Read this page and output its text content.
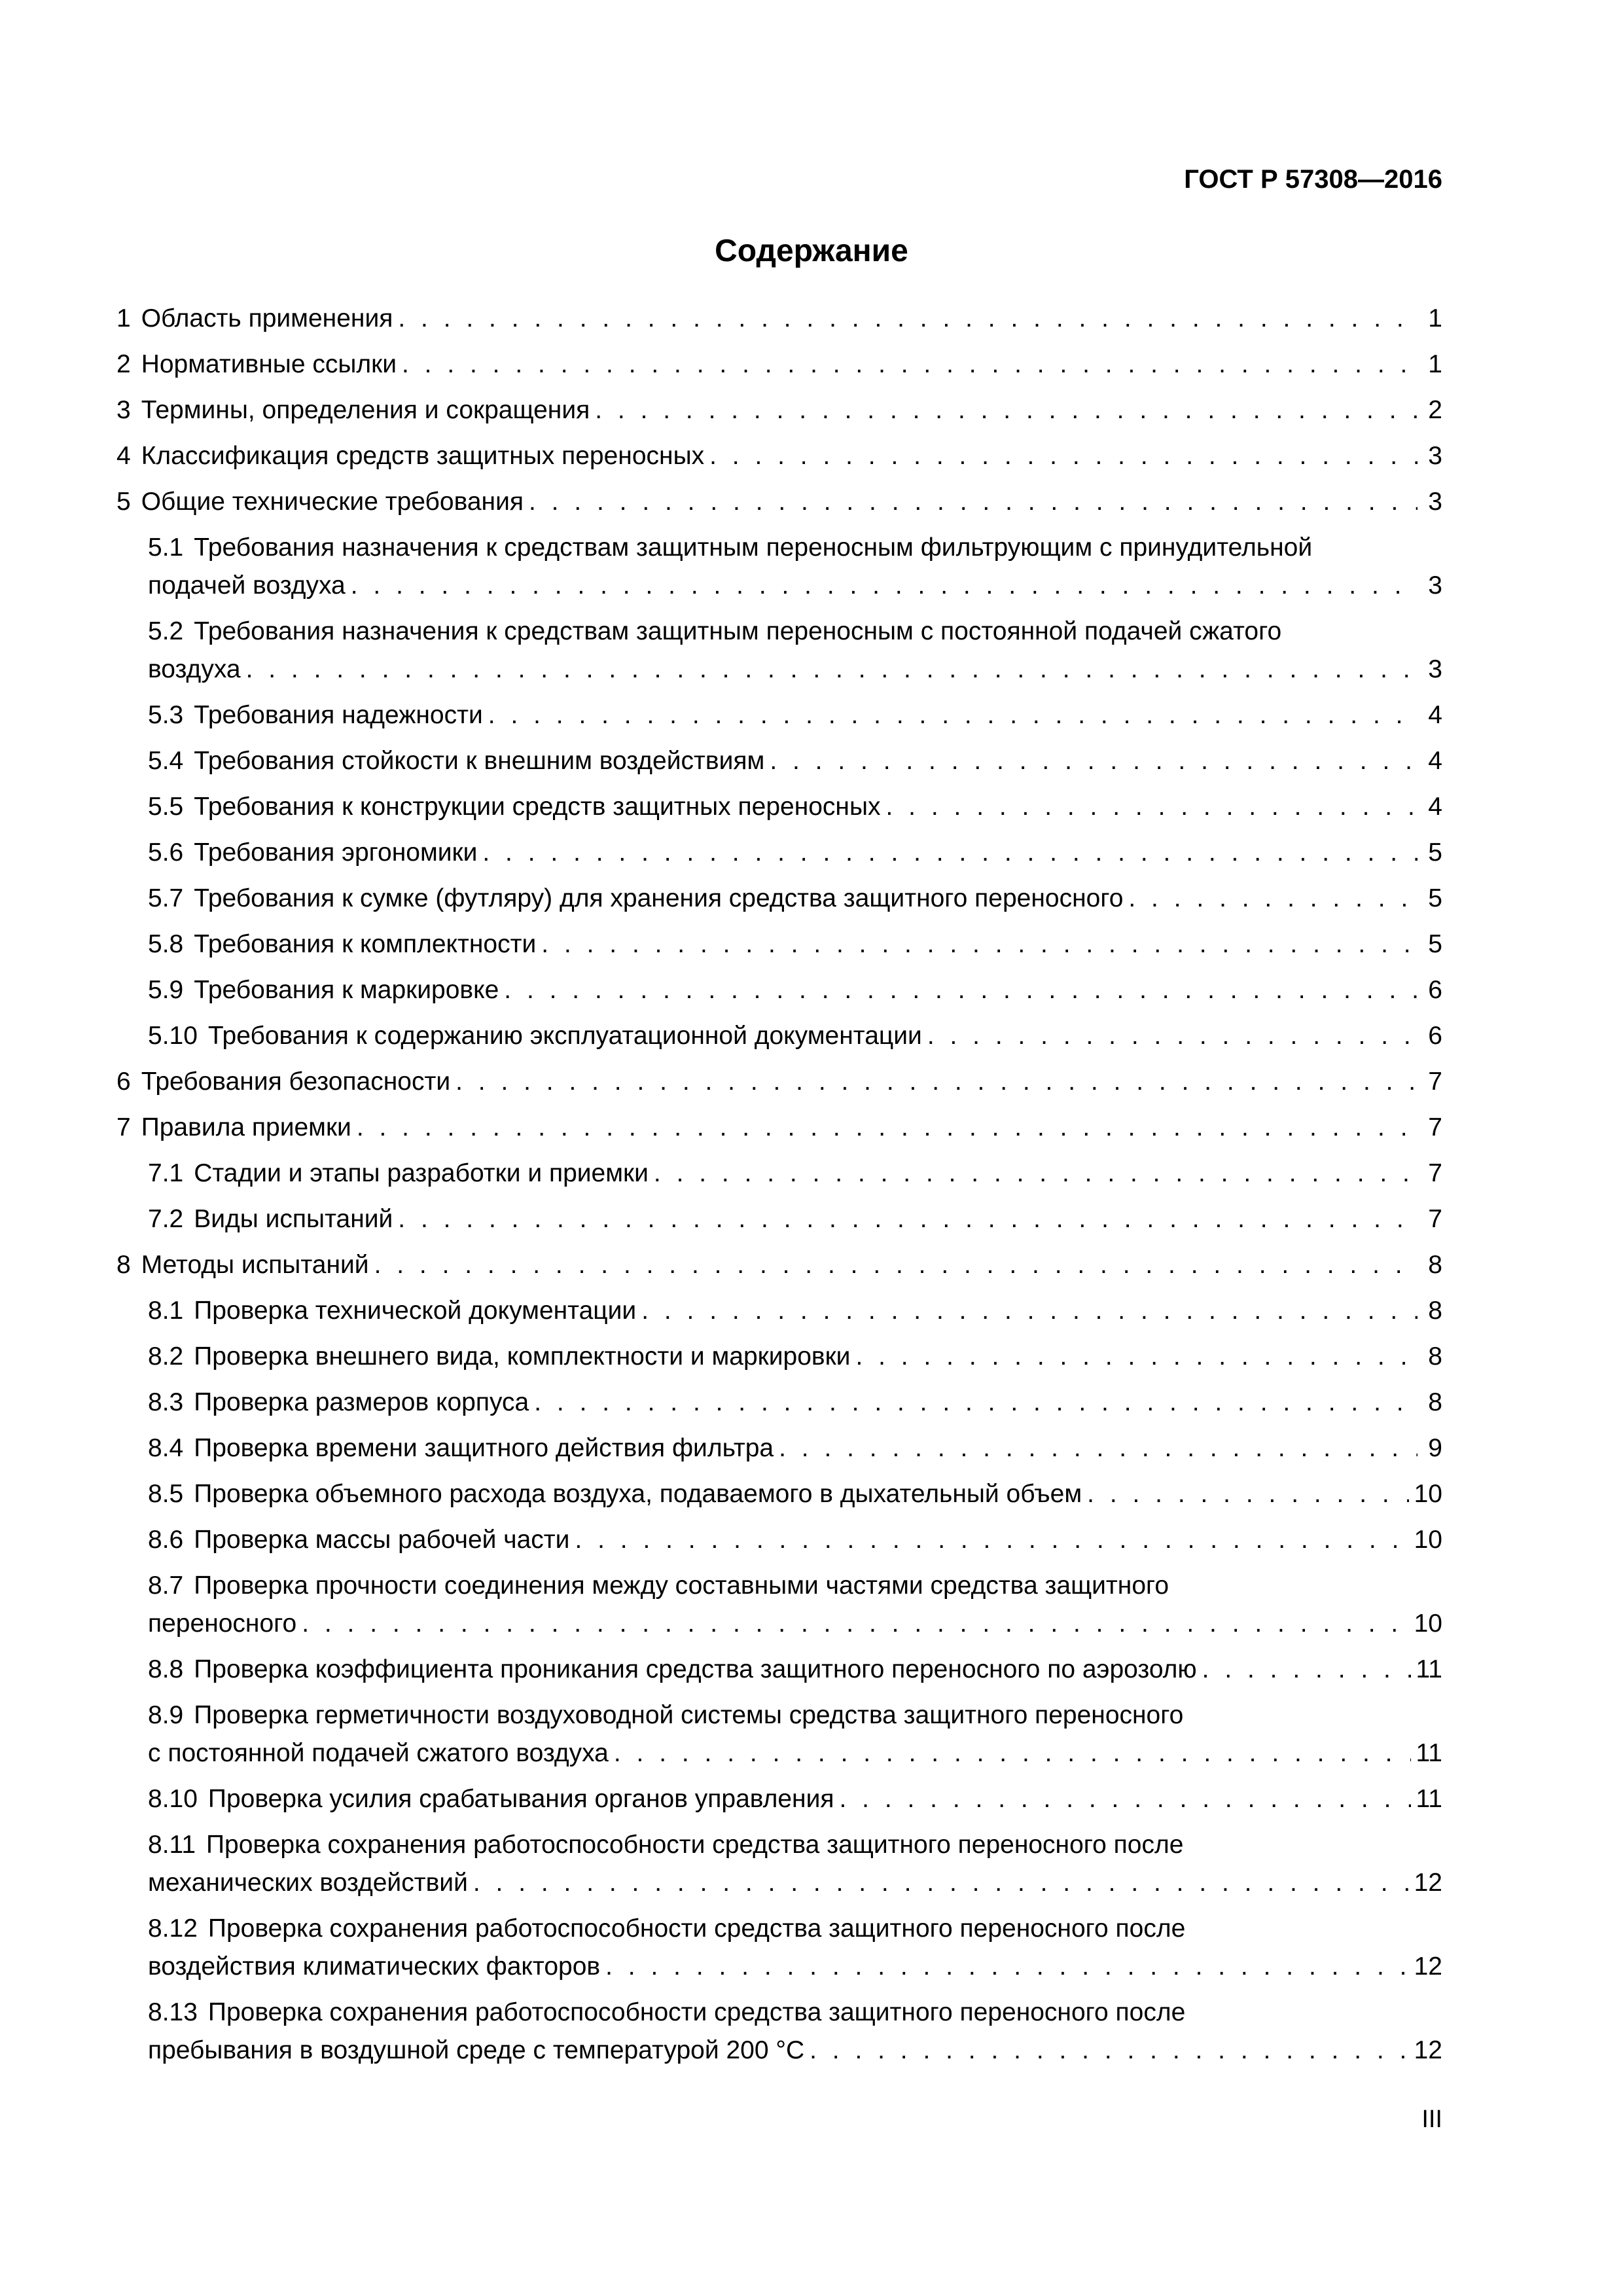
ГОСТ Р 57308—2016
Содержание
1 Область применения . . .	1
2 Нормативные ссылки . . .	1
3 Термины, определения и сокращения . . .	2
4 Классификация средств защитных переносных . . .	3
5 Общие технические требования . . .	3
5.1 Требования назначения к средствам защитным переносным фильтрующим с принудительной
подачей воздуха . . .	3
5.2 Требования назначения к средствам защитным переносным с постоянной подачей сжатого
воздуха . . .	3
5.3 Требования надежности . . .	4
5.4 Требования стойкости к внешним воздействиям . . .	4
5.5 Требования к конструкции средств защитных переносных . . .	4
5.6 Требования эргономики . . .	5
5.7 Требования к сумке (футляру) для хранения средства защитного переносного . . .	5
5.8 Требования к комплектности . . .	5
5.9 Требования к маркировке . . .	6
5.10 Требования к содержанию эксплуатационной документации . . .	6
6 Требования безопасности . . .	7
7 Правила приемки . . .	7
7.1 Стадии и этапы разработки и приемки . . .	7
7.2 Виды испытаний . . .	7
8 Методы испытаний . . .	8
8.1 Проверка технической документации . . .	8
8.2 Проверка внешнего вида, комплектности и маркировки . . .	8
8.3 Проверка размеров корпуса . . .	8
8.4 Проверка времени защитного действия фильтра . . .	9
8.5 Проверка объемного расхода воздуха, подаваемого в дыхательный объем . . .	10
8.6 Проверка массы рабочей части . . .	10
8.7 Проверка прочности соединения между составными частями средства защитного
переносного . . .	10
8.8 Проверка коэффициента проникания средства защитного переносного по аэрозолю . . .	11
8.9 Проверка герметичности воздуховодной системы средства защитного переносного
с постоянной подачей сжатого воздуха . . .	11
8.10 Проверка усилия срабатывания органов управления . . .	11
8.11 Проверка сохранения работоспособности средства защитного переносного после
механических воздействий . . .	12
8.12 Проверка сохранения работоспособности средства защитного переносного после
воздействия климатических факторов . . .	12
8.13 Проверка сохранения работоспособности средства защитного переносного после
пребывания в воздушной среде с температурой 200 °С . . .	12
III
